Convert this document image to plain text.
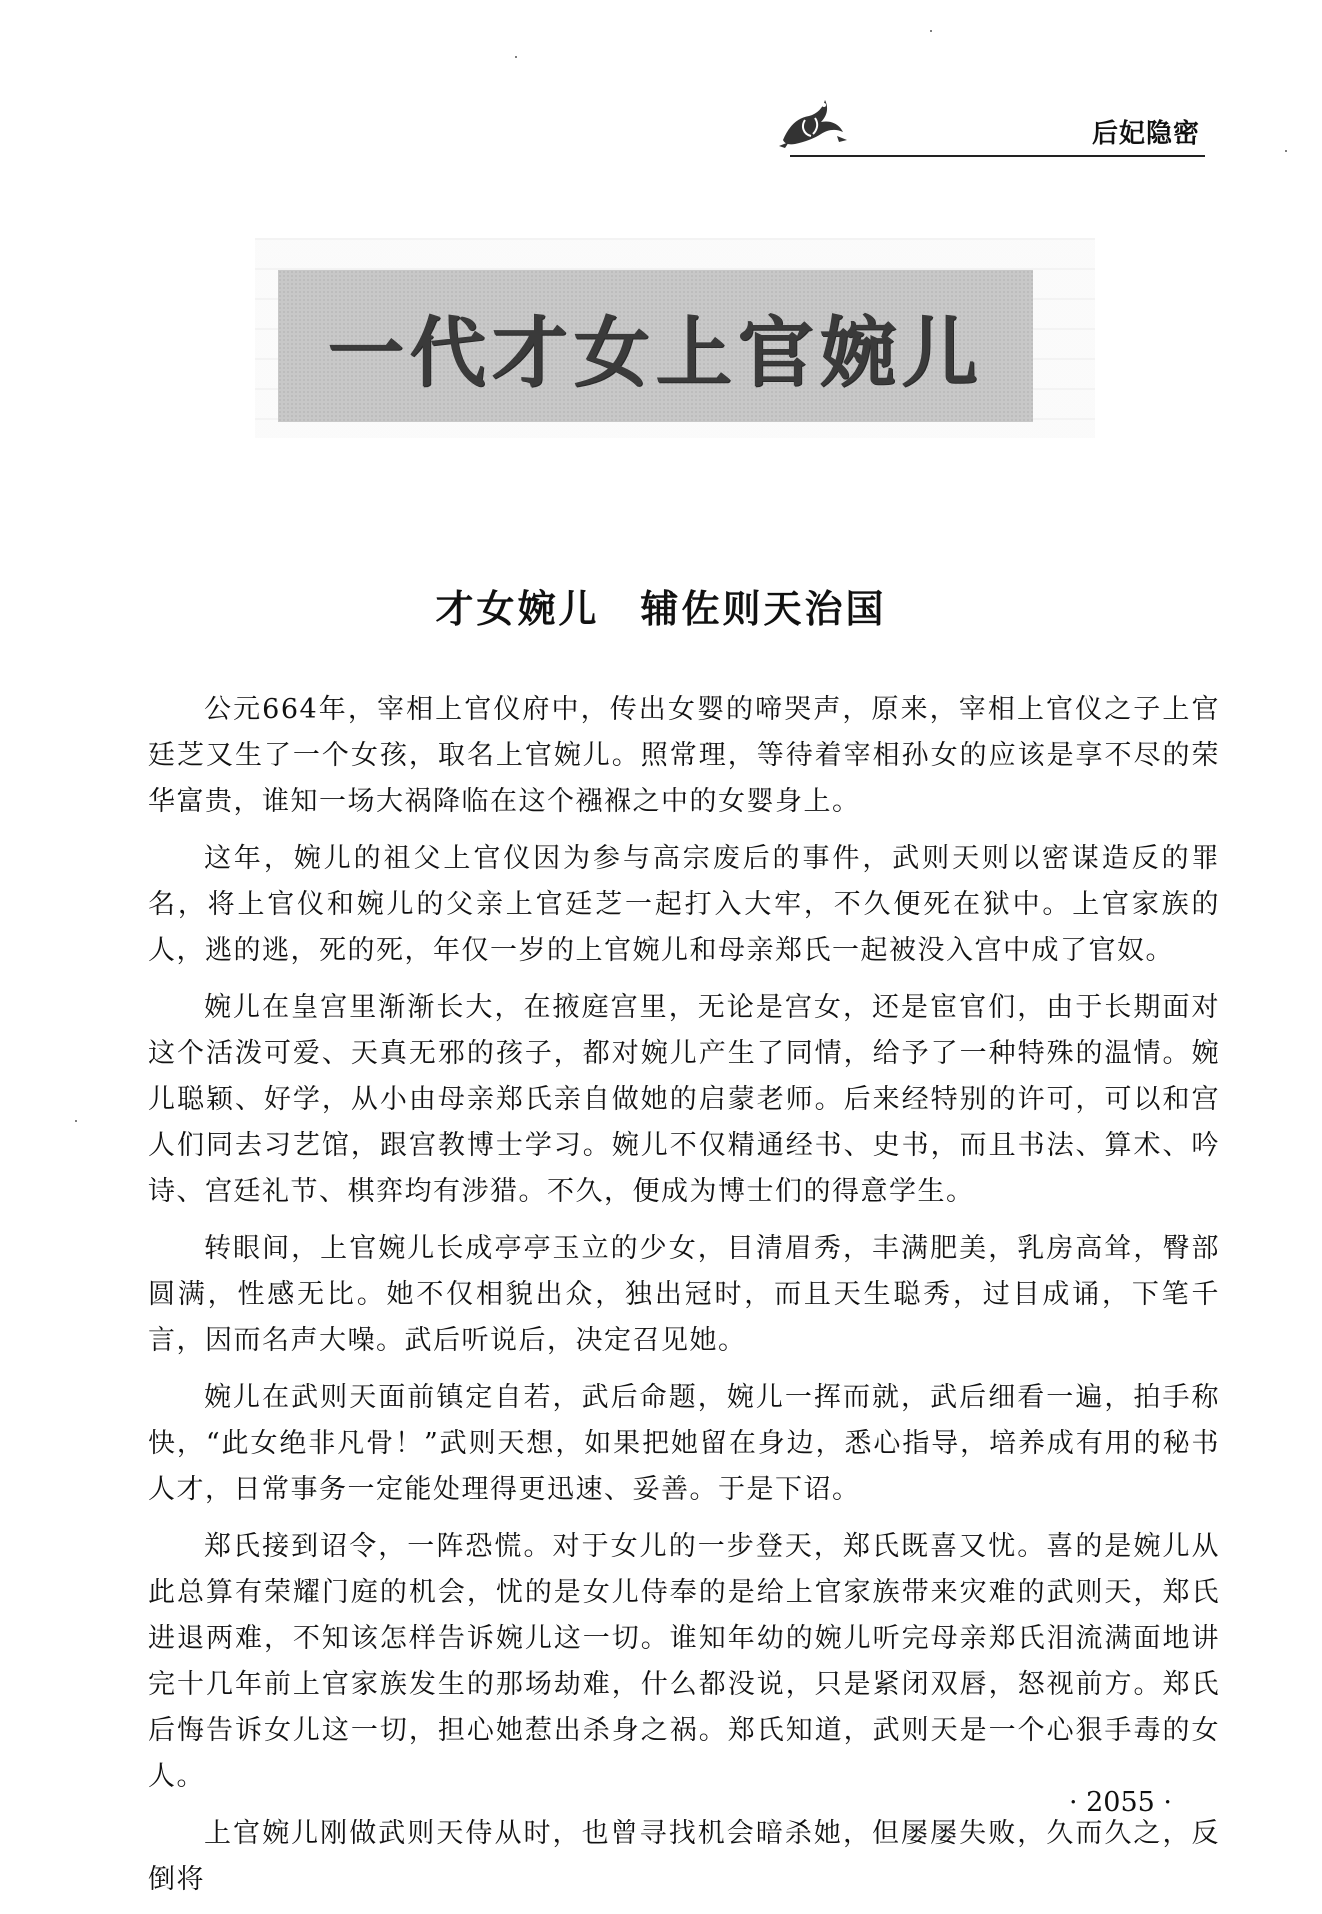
后妃隐密
一代才女上官婉儿
才女婉儿　辅佐则天治国

公元664年，宰相上官仪府中，传出女婴的啼哭声，原来，宰相上官仪之子上官廷芝又生了一个女孩，取名上官婉儿。照常理，等待着宰相孙女的应该是享不尽的荣华富贵，谁知一场大祸降临在这个襁褓之中的女婴身上。

这年，婉儿的祖父上官仪因为参与高宗废后的事件，武则天则以密谋造反的罪名，将上官仪和婉儿的父亲上官廷芝一起打入大牢，不久便死在狱中。上官家族的人，逃的逃，死的死，年仅一岁的上官婉儿和母亲郑氏一起被没入宫中成了官奴。

婉儿在皇宫里渐渐长大，在掖庭宫里，无论是宫女，还是宦官们，由于长期面对这个活泼可爱、天真无邪的孩子，都对婉儿产生了同情，给予了一种特殊的温情。婉儿聪颖、好学，从小由母亲郑氏亲自做她的启蒙老师。后来经特别的许可，可以和宫人们同去习艺馆，跟宫教博士学习。婉儿不仅精通经书、史书，而且书法、算术、吟诗、宫廷礼节、棋弈均有涉猎。不久，便成为博士们的得意学生。

转眼间，上官婉儿长成亭亭玉立的少女，目清眉秀，丰满肥美，乳房高耸，臀部圆满，性感无比。她不仅相貌出众，独出冠时，而且天生聪秀，过目成诵，下笔千言，因而名声大噪。武后听说后，决定召见她。

婉儿在武则天面前镇定自若，武后命题，婉儿一挥而就，武后细看一遍，拍手称快，“此女绝非凡骨！”武则天想，如果把她留在身边，悉心指导，培养成有用的秘书人才，日常事务一定能处理得更迅速、妥善。于是下诏。

郑氏接到诏令，一阵恐慌。对于女儿的一步登天，郑氏既喜又忧。喜的是婉儿从此总算有荣耀门庭的机会，忧的是女儿侍奉的是给上官家族带来灾难的武则天，郑氏进退两难，不知该怎样告诉婉儿这一切。谁知年幼的婉儿听完母亲郑氏泪流满面地讲完十几年前上官家族发生的那场劫难，什么都没说，只是紧闭双唇，怒视前方。郑氏后悔告诉女儿这一切，担心她惹出杀身之祸。郑氏知道，武则天是一个心狠手毒的女人。

上官婉儿刚做武则天侍从时，也曾寻找机会暗杀她，但屡屡失败，久而久之，反倒将

· 2055 ·
